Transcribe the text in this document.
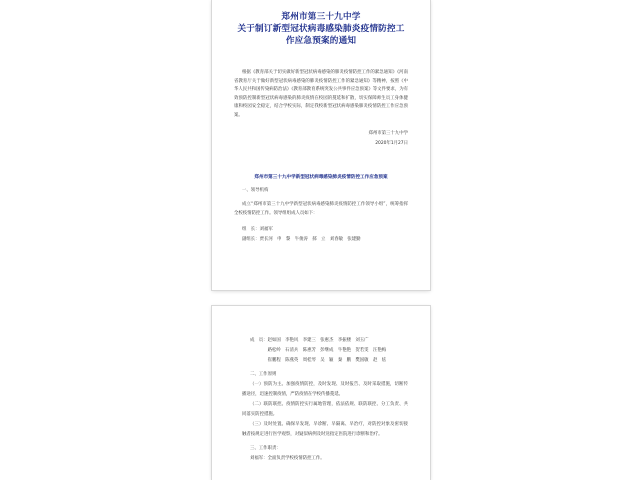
郑州市第三十九中学
关于制订新型冠状病毒感染肺炎疫情防控工
作应急预案的通知

根据《教育部关于切实做好新型冠状病毒感染的肺炎疫情防控工作的紧急通知》《河南省教育厅关于做好新型冠状病毒感染的肺炎疫情防控工作的紧急通知》等精神，按照《中华人民共和国传染病防治法》《教育部教育系统突发公共事件应急预案》等文件要求，为有效预防控制新型冠状病毒感染的肺炎疫情在校园的蔓延和扩散，切实保障师生员工身体健康和校园安全稳定，结合学校实际，制定我校新型冠状病毒感染肺炎疫情防控工作应急预案。

郑州市第三十九中学
2020年1月27日
郑州市第三十九中学新型冠状病毒感染肺炎疫情防控工作应急预案
一、领导机构

成立“郑州市第三十九中学新型冠状病毒感染肺炎疫情防控工作领导小组”，统筹指挥全校疫情防控工作。领导组组成人员如下：

组　长：刘福军
副组长：贾长河　申　黎　牛俊涛　郝　立　刘春敏　张建勤
成　员：赵如国　李艳风　李建三　张惠杰　李振楼　刘玉广
　　　　路松岭　石清兵　陈惠芳　彭继成　牛艳艳　贺若雯　汪艳梅
　　　　崔鹏程　陈燕英　周桂琴　吴　颖　秦　鹏　樊国敏　赵　炫
二、工作原则

（一）预防为主。加强疫情防控，及时发现、及时报告、及时采取措施，切断传播途径，迅速控制疫情，严防疫情在学校传播蔓延。

（二）联防联控。疫情防控实行属地管理，依法依规、联防联控、分工负责、共同落实防控措施。

（三）及时处置。确保早发现、早诊断、早隔离、早治疗，对防控对象及密切接触者按规定进行医学观察，对疑似病例及时送指定医院进行诊断和治疗。

三、工作职责：

刘福军：全面负责学校疫情防控工作。
